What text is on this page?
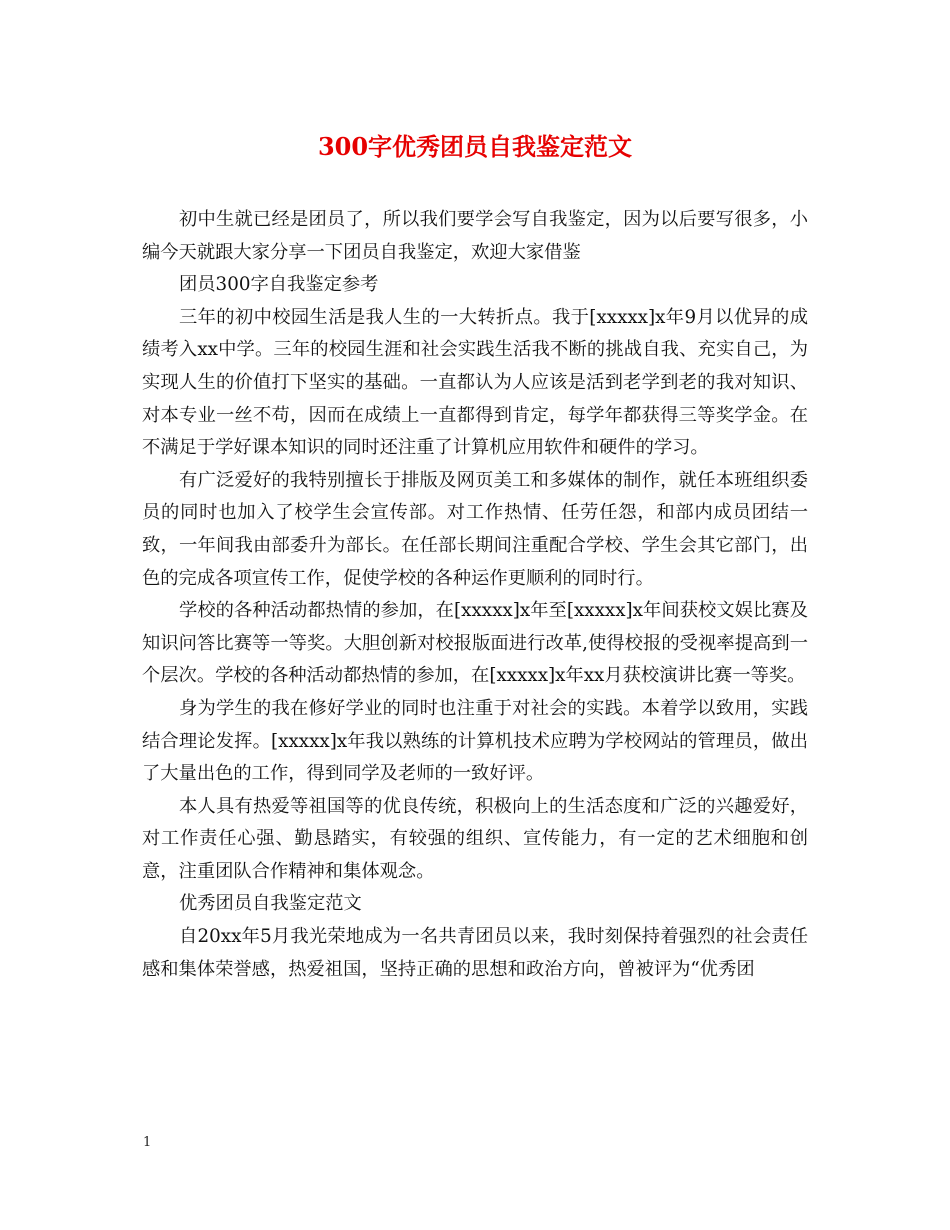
300字优秀团员自我鉴定范文

初中生就已经是团员了，所以我们要学会写自我鉴定，因为以后要写很多，小编今天就跟大家分享一下团员自我鉴定，欢迎大家借鉴

团员300字自我鉴定参考

三年的初中校园生活是我人生的一大转折点。我于[xxxxx]x年9月以优异的成绩考入xx中学。三年的校园生涯和社会实践生活我不断的挑战自我、充实自己，为实现人生的价值打下坚实的基础。一直都认为人应该是活到老学到老的我对知识、对本专业一丝不苟，因而在成绩上一直都得到肯定，每学年都获得三等奖学金。在不满足于学好课本知识的同时还注重了计算机应用软件和硬件的学习。

有广泛爱好的我特别擅长于排版及网页美工和多媒体的制作，就任本班组织委员的同时也加入了校学生会宣传部。对工作热情、任劳任怨，和部内成员团结一致，一年间我由部委升为部长。在任部长期间注重配合学校、学生会其它部门，出色的完成各项宣传工作，促使学校的各种运作更顺利的同时行。

学校的各种活动都热情的参加，在[xxxxx]x年至[xxxxx]x年间获校文娱比赛及知识问答比赛等一等奖。大胆创新对校报版面进行改革,使得校报的受视率提高到一个层次。学校的各种活动都热情的参加，在[xxxxx]x年xx月获校演讲比赛一等奖。

身为学生的我在修好学业的同时也注重于对社会的实践。本着学以致用，实践结合理论发挥。[xxxxx]x年我以熟练的计算机技术应聘为学校网站的管理员，做出了大量出色的工作，得到同学及老师的一致好评。

本人具有热爱等祖国等的优良传统，积极向上的生活态度和广泛的兴趣爱好，对工作责任心强、勤恳踏实，有较强的组织、宣传能力，有一定的艺术细胞和创意，注重团队合作精神和集体观念。

优秀团员自我鉴定范文

自20xx年5月我光荣地成为一名共青团员以来，我时刻保持着强烈的社会责任感和集体荣誉感，热爱祖国，坚持正确的思想和政治方向，曾被评为“优秀团

1
